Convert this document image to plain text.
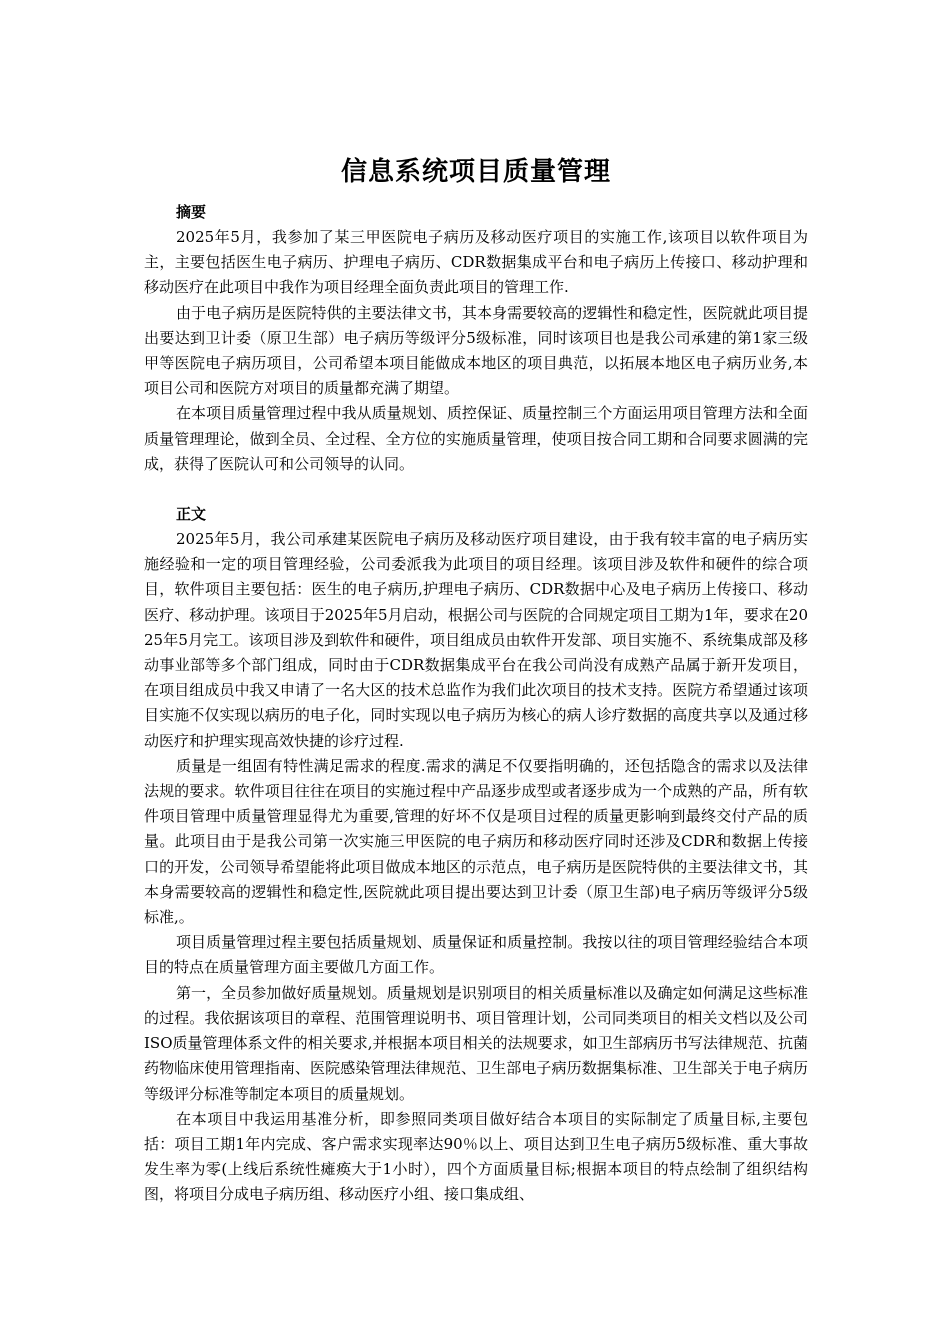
信息系统项目质量管理

摘要

2025年5月，我参加了某三甲医院电子病历及移动医疗项目的实施工作,该项目以软件项目为主，主要包括医生电子病历、护理电子病历、CDR数据集成平台和电子病历上传接口、移动护理和移动医疗在此项目中我作为项目经理全面负责此项目的管理工作.

由于电子病历是医院特供的主要法律文书，其本身需要较高的逻辑性和稳定性，医院就此项目提出要达到卫计委（原卫生部）电子病历等级评分5级标准，同时该项目也是我公司承建的第1家三级甲等医院电子病历项目，公司希望本项目能做成本地区的项目典范，以拓展本地区电子病历业务,本项目公司和医院方对项目的质量都充满了期望。

在本项目质量管理过程中我从质量规划、质控保证、质量控制三个方面运用项目管理方法和全面质量管理理论，做到全员、全过程、全方位的实施质量管理，使项目按合同工期和合同要求圆满的完成，获得了医院认可和公司领导的认同。

正文

2025年5月，我公司承建某医院电子病历及移动医疗项目建设，由于我有较丰富的电子病历实施经验和一定的项目管理经验，公司委派我为此项目的项目经理。该项目涉及软件和硬件的综合项目，软件项目主要包括：医生的电子病历,护理电子病历、CDR数据中心及电子病历上传接口、移动医疗、移动护理。该项目于2025年5月启动，根据公司与医院的合同规定项目工期为1年，要求在2025年5月完工。该项目涉及到软件和硬件，项目组成员由软件开发部、项目实施不、系统集成部及移动事业部等多个部门组成，同时由于CDR数据集成平台在我公司尚没有成熟产品属于新开发项目，在项目组成员中我又申请了一名大区的技术总监作为我们此次项目的技术支持。医院方希望通过该项目实施不仅实现以病历的电子化，同时实现以电子病历为核心的病人诊疗数据的高度共享以及通过移动医疗和护理实现高效快捷的诊疗过程.

质量是一组固有特性满足需求的程度.需求的满足不仅要指明确的，还包括隐含的需求以及法律法规的要求。软件项目往往在项目的实施过程中产品逐步成型或者逐步成为一个成熟的产品，所有软件项目管理中质量管理显得尤为重要,管理的好坏不仅是项目过程的质量更影响到最终交付产品的质量。此项目由于是我公司第一次实施三甲医院的电子病历和移动医疗同时还涉及CDR和数据上传接口的开发，公司领导希望能将此项目做成本地区的示范点，电子病历是医院特供的主要法律文书，其本身需要较高的逻辑性和稳定性,医院就此项目提出要达到卫计委（原卫生部)电子病历等级评分5级标准,。

项目质量管理过程主要包括质量规划、质量保证和质量控制。我按以往的项目管理经验结合本项目的特点在质量管理方面主要做几方面工作。

第一，全员参加做好质量规划。质量规划是识别项目的相关质量标准以及确定如何满足这些标准的过程。我依据该项目的章程、范围管理说明书、项目管理计划，公司同类项目的相关文档以及公司ISO质量管理体系文件的相关要求,并根据本项目相关的法规要求，如卫生部病历书写法律规范、抗菌药物临床使用管理指南、医院感染管理法律规范、卫生部电子病历数据集标准、卫生部关于电子病历等级评分标准等制定本项目的质量规划。

在本项目中我运用基准分析，即参照同类项目做好结合本项目的实际制定了质量目标,主要包括：项目工期1年内完成、客户需求实现率达90％以上、项目达到卫生电子病历5级标准、重大事故发生率为零(上线后系统性瘫痪大于1小时），四个方面质量目标;根据本项目的特点绘制了组织结构图，将项目分成电子病历组、移动医疗小组、接口集成组、
